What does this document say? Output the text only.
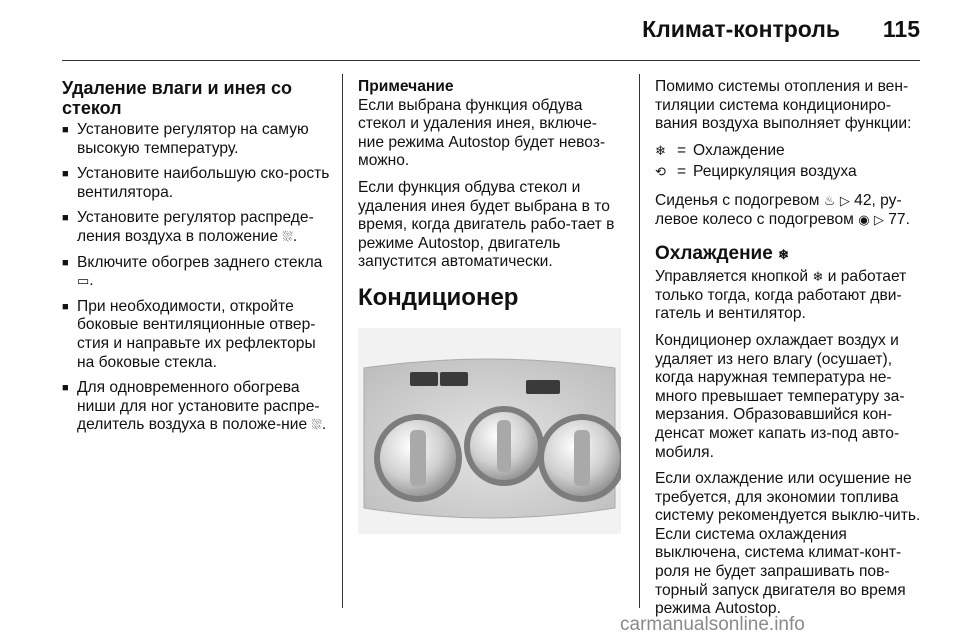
Климат-контроль 115
Удаление влаги и инея со стекол
■ Установите регулятор на самую высокую температуру.
■ Установите наибольшую ско-рость вентилятора.
■ Установите регулятор распреде-ления воздуха в положение ⛆.
■ Включите обогрев заднего стекла ▭.
■ При необходимости, откройте боковые вентиляционные отвер-стия и направьте их рефлекторы на боковые стекла.
■ Для одновременного обогрева ниши для ног установите распре-делитель воздуха в положе-ние ⛆.
Примечание

Если выбрана функция обдува стекол и удаления инея, включе-ние режима Autostop будет невоз-можно.

Если функция обдува стекол и удаления инея будет выбрана в то время, когда двигатель рабо-тает в режиме Autostop, двигатель запустится автоматически.

Кондиционер

Помимо системы отопления и вен-тиляции система кондициониро-вания воздуха выполняет функции:

❄ = Охлаждение
⟲ = Рециркуляция воздуха

Сиденья с подогревом ♨ ▷ 42, ру-левое колесо с подогревом ◉ ▷ 77.

Охлаждение ❄

Управляется кнопкой ❄ и работает только тогда, когда работают дви-гатель и вентилятор.

Кондиционер охлаждает воздух и удаляет из него влагу (осушает), когда наружная температура не-много превышает температуру за-мерзания. Образовавшийся кон-денсат может капать из-под авто-мобиля.

Если охлаждение или осушение не требуется, для экономии топлива систему рекомендуется выклю-чить. Если система охлаждения выключена, система климат-конт-роля не будет запрашивать пов-торный запуск двигателя во время режима Autostop.

carmanualsonline.info
